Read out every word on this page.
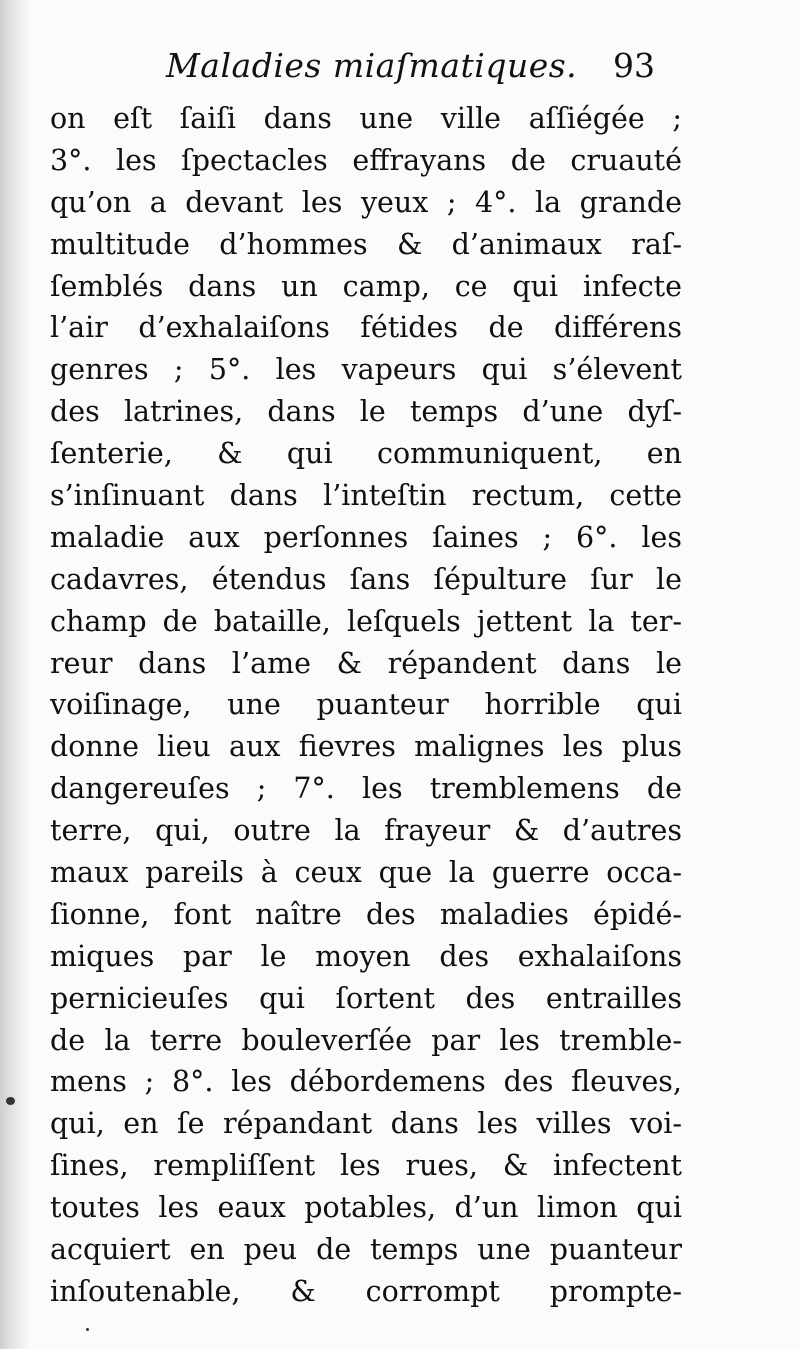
Maladies miaſmatiques. 93
on eſt ſaiſi dans une ville aſſiégée ;
3°. les ſpectacles effrayans de cruauté
qu’on a devant les yeux ; 4°. la grande
multitude d’hommes & d’animaux raſ-
ſemblés dans un camp, ce qui infecte
l’air d’exhalaiſons fétides de différens
genres ; 5°. les vapeurs qui s’élevent
des latrines, dans le temps d’une dyſ-
ſenterie, & qui communiquent, en
s’inſinuant dans l’inteſtin rectum, cette
maladie aux perſonnes ſaines ; 6°. les
cadavres, étendus ſans ſépulture ſur le
champ de bataille, leſquels jettent la ter-
reur dans l’ame & répandent dans le
voiſinage, une puanteur horrible qui
donne lieu aux fievres malignes les plus
dangereuſes ; 7°. les tremblemens de
terre, qui, outre la frayeur & d’autres
maux pareils à ceux que la guerre occa-
ſionne, font naître des maladies épidé-
miques par le moyen des exhalaiſons
pernicieuſes qui ſortent des entrailles
de la terre bouleverſée par les tremble-
mens ; 8°. les débordemens des fleuves,
qui, en ſe répandant dans les villes voi-
ſines, rempliſſent les rues, & infectent
toutes les eaux potables, d’un limon qui
acquiert en peu de temps une puanteur
inſoutenable, & corrompt prompte-
